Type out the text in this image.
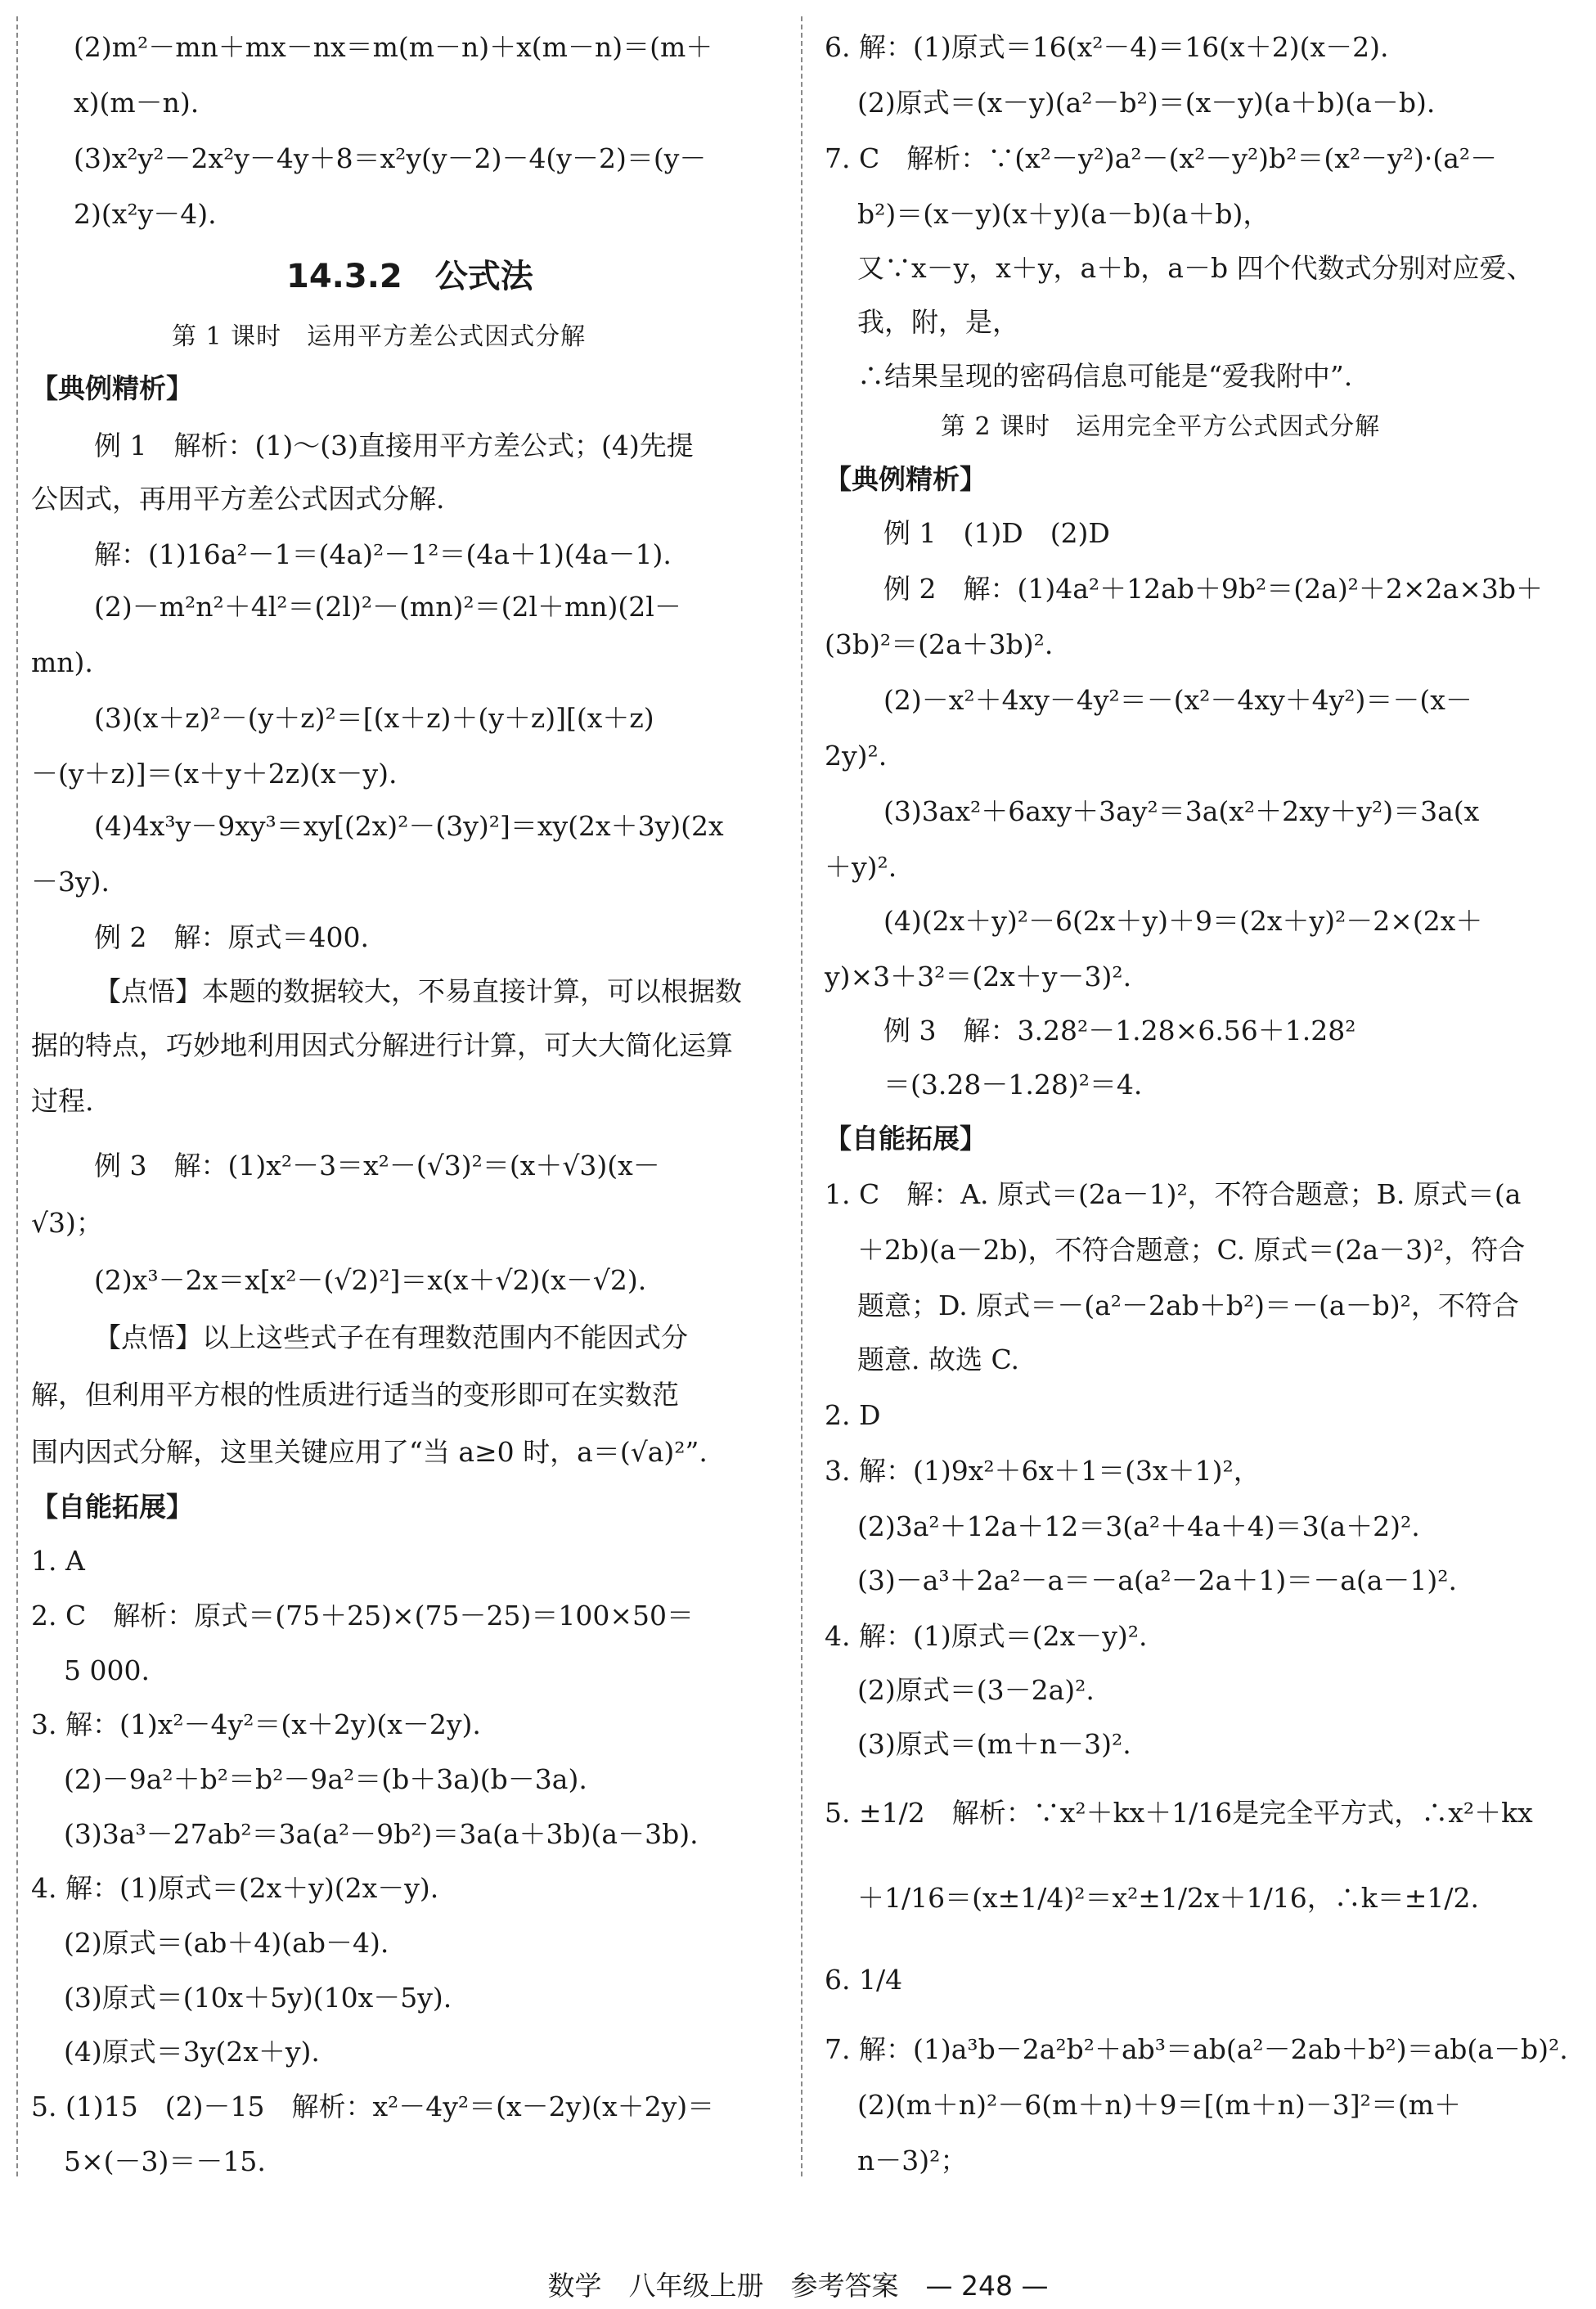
(2)m²－mn＋mx－nx＝m(m－n)＋x(m－n)＝(m＋
x)(m－n).
(3)x²y²－2x²y－4y＋8＝x²y(y－2)－4(y－2)＝(y－
2)(x²y－4).
14.3.2　公式法
第 1 课时　运用平方差公式因式分解
【典例精析】
例 1　解析：(1)～(3)直接用平方差公式；(4)先提
公因式，再用平方差公式因式分解.
解：(1)16a²－1＝(4a)²－1²＝(4a＋1)(4a－1).
(2)－m²n²＋4l²＝(2l)²－(mn)²＝(2l＋mn)(2l－
mn).
(3)(x＋z)²－(y＋z)²＝[(x＋z)＋(y＋z)][(x＋z)
－(y＋z)]＝(x＋y＋2z)(x－y).
(4)4x³y－9xy³＝xy[(2x)²－(3y)²]＝xy(2x＋3y)(2x
－3y).
例 2　解：原式＝400.
【点悟】本题的数据较大，不易直接计算，可以根据数
据的特点，巧妙地利用因式分解进行计算，可大大简化运算
过程.
例 3　解：(1)x²－3＝x²－(√3)²＝(x＋√3)(x－
√3)；
(2)x³－2x＝x[x²－(√2)²]＝x(x＋√2)(x－√2).
【点悟】以上这些式子在有理数范围内不能因式分
解，但利用平方根的性质进行适当的变形即可在实数范
围内因式分解，这里关键应用了“当 a≥0 时，a＝(√a)²”.
【自能拓展】
1. A
2. C　解析：原式＝(75＋25)×(75－25)＝100×50＝
5 000.
3. 解：(1)x²－4y²＝(x＋2y)(x－2y).
(2)－9a²＋b²＝b²－9a²＝(b＋3a)(b－3a).
(3)3a³－27ab²＝3a(a²－9b²)＝3a(a＋3b)(a－3b).
4. 解：(1)原式＝(2x＋y)(2x－y).
(2)原式＝(ab＋4)(ab－4).
(3)原式＝(10x＋5y)(10x－5y).
(4)原式＝3y(2x＋y).
5. (1)15　(2)－15　解析：x²－4y²＝(x－2y)(x＋2y)＝
5×(－3)＝－15.
6. 解：(1)原式＝16(x²－4)＝16(x＋2)(x－2).
(2)原式＝(x－y)(a²－b²)＝(x－y)(a＋b)(a－b).
7. C　解析：∵(x²－y²)a²－(x²－y²)b²＝(x²－y²)·(a²－
b²)＝(x－y)(x＋y)(a－b)(a＋b)，
又∵x－y，x＋y，a＋b，a－b 四个代数式分别对应爱、
我，附，是，
∴结果呈现的密码信息可能是“爱我附中”.
第 2 课时　运用完全平方公式因式分解
【典例精析】
例 1　(1)D　(2)D
例 2　解：(1)4a²＋12ab＋9b²＝(2a)²＋2×2a×3b＋
(3b)²＝(2a＋3b)².
(2)－x²＋4xy－4y²＝－(x²－4xy＋4y²)＝－(x－
2y)².
(3)3ax²＋6axy＋3ay²＝3a(x²＋2xy＋y²)＝3a(x
＋y)².
(4)(2x＋y)²－6(2x＋y)＋9＝(2x＋y)²－2×(2x＋
y)×3＋3²＝(2x＋y－3)².
例 3　解：3.28²－1.28×6.56＋1.28²
＝(3.28－1.28)²＝4.
【自能拓展】
1. C　解：A. 原式＝(2a－1)²，不符合题意；B. 原式＝(a
＋2b)(a－2b)，不符合题意；C. 原式＝(2a－3)²，符合
题意；D. 原式＝－(a²－2ab＋b²)＝－(a－b)²，不符合
题意. 故选 C.
2. D
3. 解：(1)9x²＋6x＋1＝(3x＋1)²，
(2)3a²＋12a＋12＝3(a²＋4a＋4)＝3(a＋2)².
(3)－a³＋2a²－a＝－a(a²－2a＋1)＝－a(a－1)².
4. 解：(1)原式＝(2x－y)².
(2)原式＝(3－2a)².
(3)原式＝(m＋n－3)².
5. ±1/2　解析：∵x²＋kx＋1/16是完全平方式，∴x²＋kx
＋1/16＝(x±1/4)²＝x²±1/2x＋1/16，∴k＝±1/2.
6. 1/4
7. 解：(1)a³b－2a²b²＋ab³＝ab(a²－2ab＋b²)＝ab(a－b)².
(2)(m＋n)²－6(m＋n)＋9＝[(m＋n)－3]²＝(m＋
n－3)²；
数学　八年级上册　参考答案　— 248 —
